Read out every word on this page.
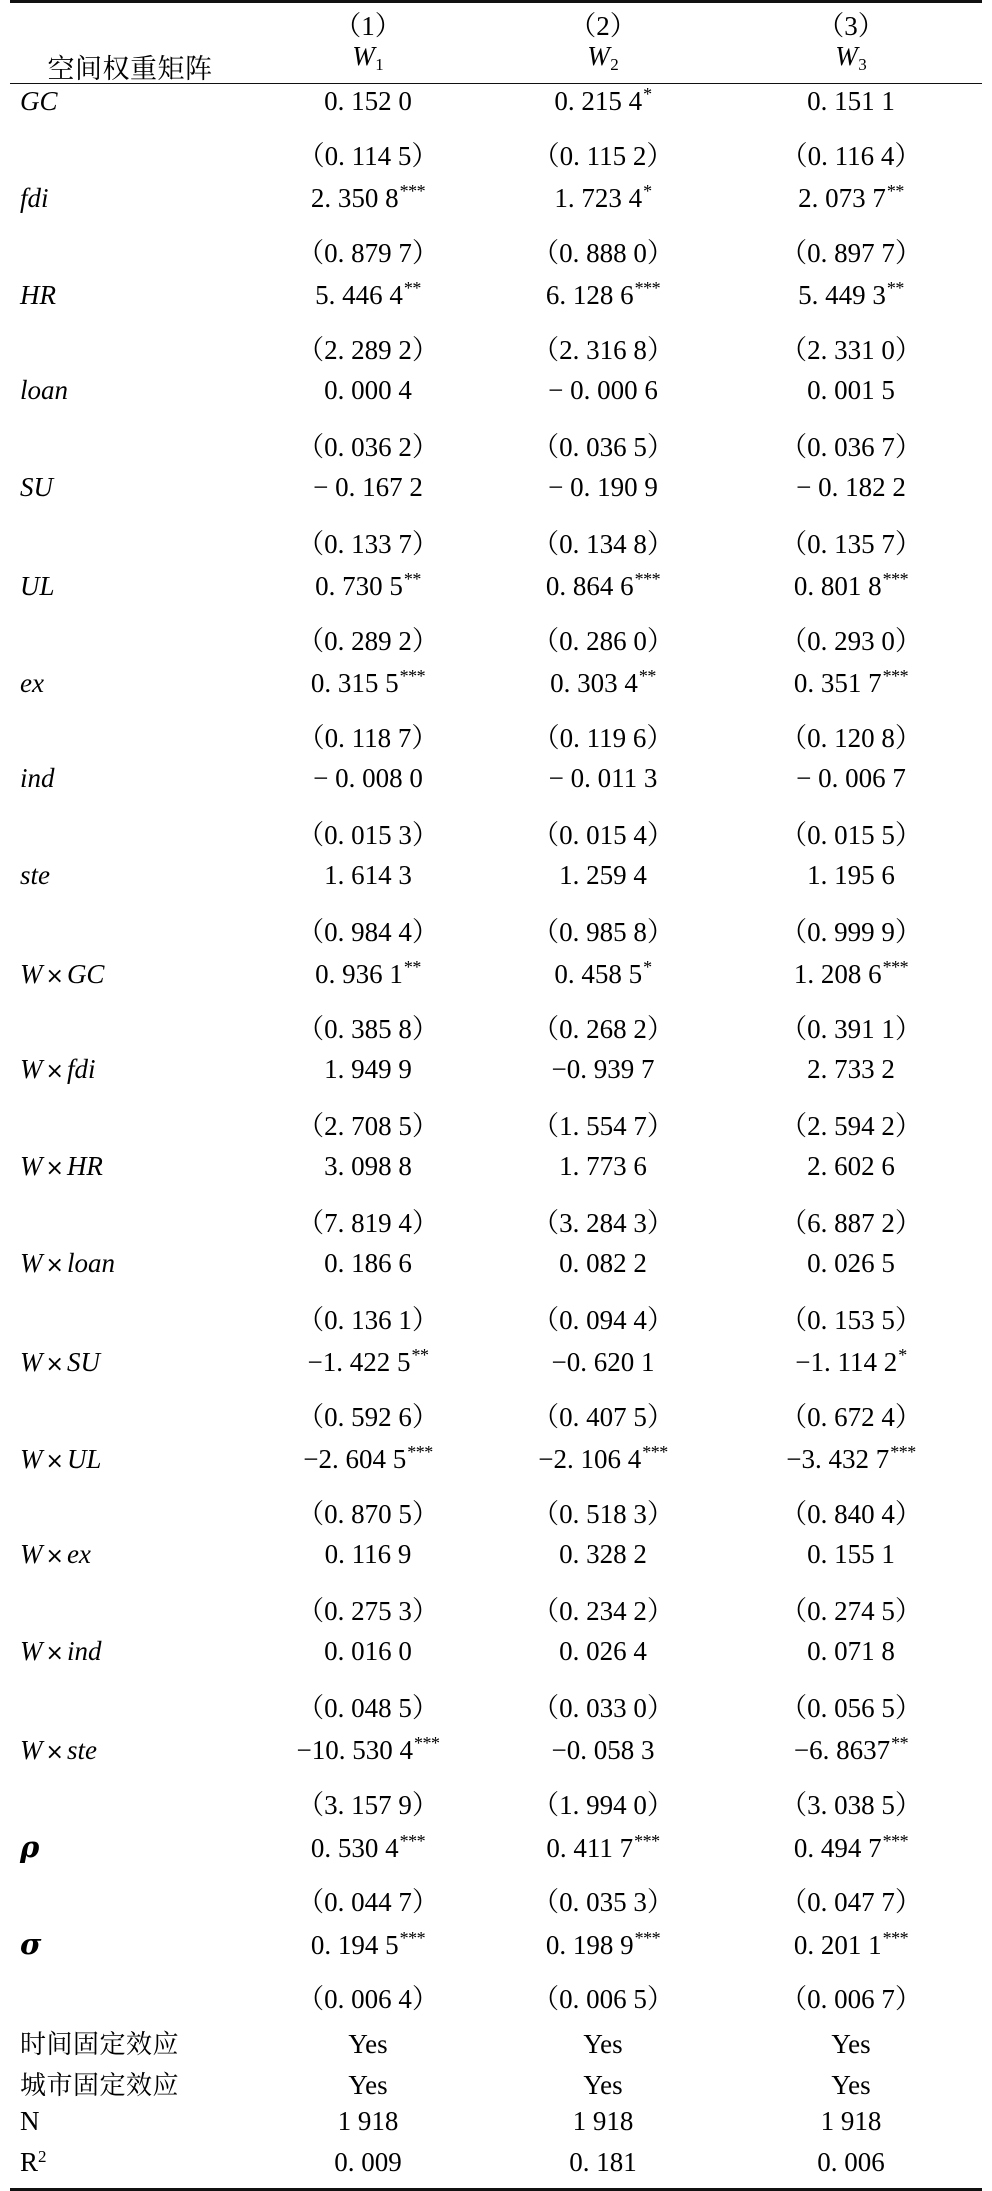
空间权重矩阵	（1）	（2）	（3）
	$W_1$	$W_2$	$W_3$

GC	0. 152 0	0. 215 4*	0. 151 1
	（0. 114 5）	（0. 115 2）	（0. 116 4）
fdi	2. 350 8***	1. 723 4*	2. 073 7**
	（0. 879 7）	（0. 888 0）	（0. 897 7）
HR	5. 446 4**	6. 128 6***	5. 449 3**
	（2. 289 2）	（2. 316 8）	（2. 331 0）
loan	0. 000 4	− 0. 000 6	0. 001 5
	（0. 036 2）	（0. 036 5）	（0. 036 7）
SU	− 0. 167 2	− 0. 190 9	− 0. 182 2
	（0. 133 7）	（0. 134 8）	（0. 135 7）
UL	0. 730 5**	0. 864 6***	0. 801 8***
	（0. 289 2）	（0. 286 0）	（0. 293 0）
ex	0. 315 5***	0. 303 4**	0. 351 7***
	（0. 118 7）	（0. 119 6）	（0. 120 8）
ind	− 0. 008 0	− 0. 011 3	− 0. 006 7
	（0. 015 3）	（0. 015 4）	（0. 015 5）
ste	1. 614 3	1. 259 4	1. 195 6
	（0. 984 4）	（0. 985 8）	（0. 999 9）
W × GC	0. 936 1**	0. 458 5*	1. 208 6***
	（0. 385 8）	（0. 268 2）	（0. 391 1）
W × fdi	1. 949 9	−0. 939 7	2. 733 2
	（2. 708 5）	（1. 554 7）	（2. 594 2）
W × HR	3. 098 8	1. 773 6	2. 602 6
	（7. 819 4）	（3. 284 3）	（6. 887 2）
W × loan	0. 186 6	0. 082 2	0. 026 5
	（0. 136 1）	（0. 094 4）	（0. 153 5）
W × SU	−1. 422 5**	−0. 620 1	−1. 114 2*
	（0. 592 6）	（0. 407 5）	（0. 672 4）
W × UL	−2. 604 5***	−2. 106 4***	−3. 432 7***
	（0. 870 5）	（0. 518 3）	（0. 840 4）
W × ex	0. 116 9	0. 328 2	0. 155 1
	（0. 275 3）	（0. 234 2）	（0. 274 5）
W × ind	0. 016 0	0. 026 4	0. 071 8
	（0. 048 5）	（0. 033 0）	（0. 056 5）
W × ste	−10. 530 4***	−0. 058 3	−6. 8637**
	（3. 157 9）	（1. 994 0）	（3. 038 5）
ρ	0. 530 4***	0. 411 7***	0. 494 7***
	（0. 044 7）	（0. 035 3）	（0. 047 7）
σ	0. 194 5***	0. 198 9***	0. 201 1***
	（0. 006 4）	（0. 006 5）	（0. 006 7）
时间固定效应	Yes	Yes	Yes
城市固定效应	Yes	Yes	Yes
N	1 918	1 918	1 918
$R^2$	0. 009	0. 181	0. 006
